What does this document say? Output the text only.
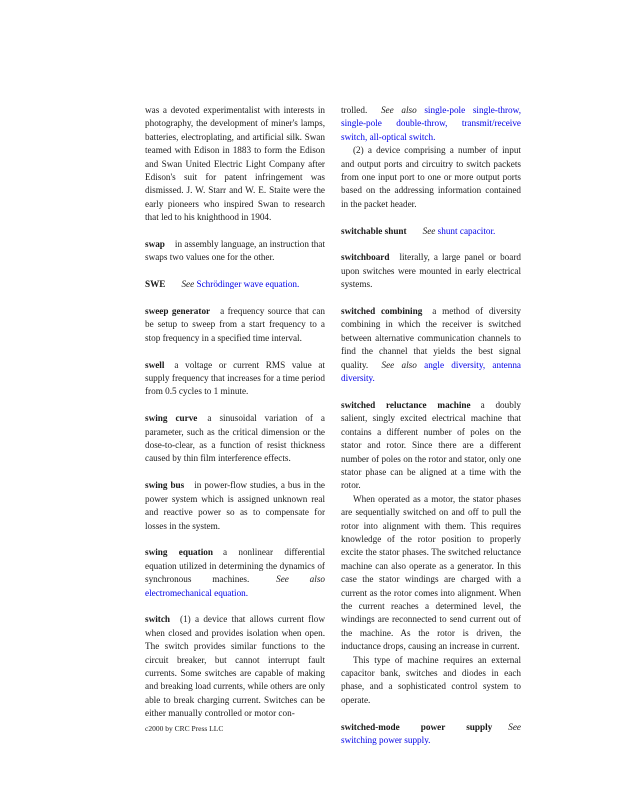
was a devoted experimentalist with interests in photography, the development of miner's lamps, batteries, electroplating, and artificial silk. Swan teamed with Edison in 1883 to form the Edison and Swan United Electric Light Company after Edison's suit for patent infringement was dismissed. J. W. Starr and W. E. Staite were the early pioneers who inspired Swan to research that led to his knighthood in 1904.

swap in assembly language, an instruction that swaps two values one for the other.

SWE See Schrödinger wave equation.

sweep generator a frequency source that can be setup to sweep from a start frequency to a stop frequency in a specified time interval.

swell a voltage or current RMS value at supply frequency that increases for a time period from 0.5 cycles to 1 minute.

swing curve a sinusoidal variation of a parameter, such as the critical dimension or the dose-to-clear, as a function of resist thickness caused by thin film interference effects.

swing bus in power-flow studies, a bus in the power system which is assigned unknown real and reactive power so as to compensate for losses in the system.

swing equation a nonlinear differential equation utilized in determining the dynamics of synchronous machines.	See also electromechanical equation.

switch (1) a device that allows current flow when closed and provides isolation when open. The switch provides similar functions to the circuit breaker, but cannot interrupt fault currents. Some switches are capable of making and breaking load currents, while others are only able to break charging current. Switches can be either manually controlled or motor con-

trolled. See also single-pole single-throw, single-pole double-throw, transmit/receive switch, all-optical switch.

(2) a device comprising a number of input and output ports and circuitry to switch packets from one input port to one or more output ports based on the addressing information contained in the packet header.

switchable shunt See shunt capacitor.

switchboard literally, a large panel or board upon switches were mounted in early electrical systems.

switched combining a method of diversity combining in which the receiver is switched between alternative communication channels to find the channel that yields the best signal quality. See also angle diversity, antenna diversity.

switched reluctance machine a doubly salient, singly excited electrical machine that contains a different number of poles on the stator and rotor. Since there are a different number of poles on the rotor and stator, only one stator phase can be aligned at a time with the rotor.

When operated as a motor, the stator phases are sequentially switched on and off to pull the rotor into alignment with them. This requires knowledge of the rotor position to properly excite the stator phases. The switched reluctance machine can also operate as a generator. In this case the stator windings are charged with a current as the rotor comes into alignment. When the current reaches a determined level, the windings are reconnected to send current out of the machine. As the rotor is driven, the inductance drops, causing an increase in current.

This type of machine requires an external capacitor bank, switches and diodes in each phase, and a sophisticated control system to operate.

switched-mode power supply See switching power supply.

c2000 by CRC Press LLC
